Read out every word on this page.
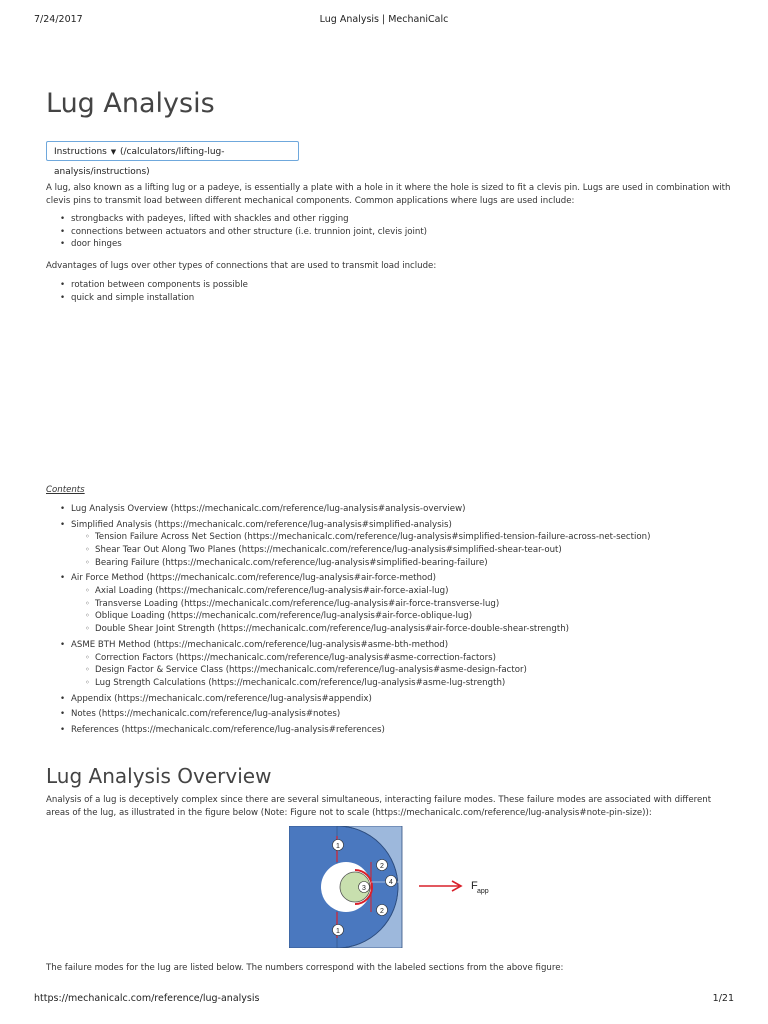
7/24/2017	Lug Analysis | MechaniCalc
Lug Analysis
Instructions ▼ (/calculators/lifting-lug-analysis/instructions)
A lug, also known as a lifting lug or a padeye, is essentially a plate with a hole in it where the hole is sized to fit a clevis pin. Lugs are used in combination with clevis pins to transmit load between different mechanical components. Common applications where lugs are used include:
• strongbacks with padeyes, lifted with shackles and other rigging
• connections between actuators and other structure (i.e. trunnion joint, clevis joint)
• door hinges
Advantages of lugs over other types of connections that are used to transmit load include:
• rotation between components is possible
• quick and simple installation
Contents
• Lug Analysis Overview (https://mechanicalc.com/reference/lug-analysis#analysis-overview)
• Simplified Analysis (https://mechanicalc.com/reference/lug-analysis#simplified-analysis)
◦ Tension Failure Across Net Section (https://mechanicalc.com/reference/lug-analysis#simplified-tension-failure-across-net-section)
◦ Shear Tear Out Along Two Planes (https://mechanicalc.com/reference/lug-analysis#simplified-shear-tear-out)
◦ Bearing Failure (https://mechanicalc.com/reference/lug-analysis#simplified-bearing-failure)
• Air Force Method (https://mechanicalc.com/reference/lug-analysis#air-force-method)
◦ Axial Loading (https://mechanicalc.com/reference/lug-analysis#air-force-axial-lug)
◦ Transverse Loading (https://mechanicalc.com/reference/lug-analysis#air-force-transverse-lug)
◦ Oblique Loading (https://mechanicalc.com/reference/lug-analysis#air-force-oblique-lug)
◦ Double Shear Joint Strength (https://mechanicalc.com/reference/lug-analysis#air-force-double-shear-strength)
• ASME BTH Method (https://mechanicalc.com/reference/lug-analysis#asme-bth-method)
◦ Correction Factors (https://mechanicalc.com/reference/lug-analysis#asme-correction-factors)
◦ Design Factor & Service Class (https://mechanicalc.com/reference/lug-analysis#asme-design-factor)
◦ Lug Strength Calculations (https://mechanicalc.com/reference/lug-analysis#asme-lug-strength)
• Appendix (https://mechanicalc.com/reference/lug-analysis#appendix)
• Notes (https://mechanicalc.com/reference/lug-analysis#notes)
• References (https://mechanicalc.com/reference/lug-analysis#references)
Lug Analysis Overview
Analysis of a lug is deceptively complex since there are several simultaneous, interacting failure modes. These failure modes are associated with different areas of the lug, as illustrated in the figure below (Note: Figure not to scale (https://mechanicalc.com/reference/lug-analysis#note-pin-size)):
1
2
3
4
2
1
F app
The failure modes for the lug are listed below. The numbers correspond with the labeled sections from the above figure:
https://mechanicalc.com/reference/lug-analysis	1/21
